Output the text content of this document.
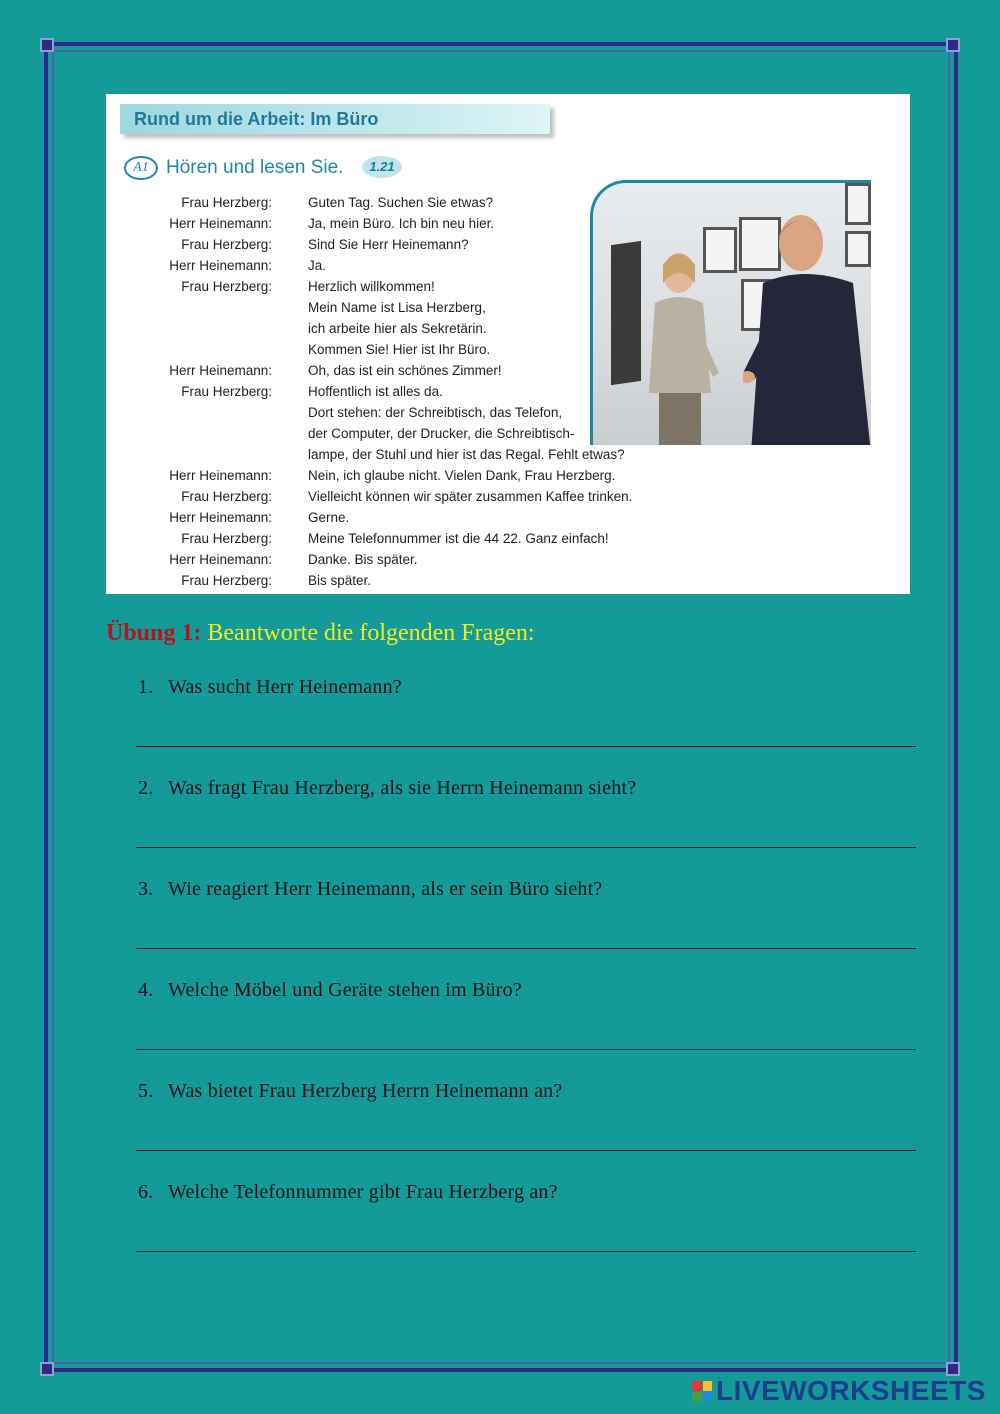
Rund um die Arbeit: Im Büro
A1 Hören und lesen Sie.	1.21
Frau Herzberg:	Guten Tag. Suchen Sie etwas?
Herr Heinemann:	Ja, mein Büro. Ich bin neu hier.
Frau Herzberg:	Sind Sie Herr Heinemann?
Herr Heinemann:	Ja.
Frau Herzberg:	Herzlich willkommen!
Mein Name ist Lisa Herzberg,
ich arbeite hier als Sekretärin.
Kommen Sie! Hier ist Ihr Büro.
Herr Heinemann:	Oh, das ist ein schönes Zimmer!
Frau Herzberg:	Hoffentlich ist alles da.
Dort stehen: der Schreibtisch, das Telefon,
der Computer, der Drucker, die Schreibtisch-
lampe, der Stuhl und hier ist das Regal. Fehlt etwas?
Herr Heinemann:	Nein, ich glaube nicht. Vielen Dank, Frau Herzberg.
Frau Herzberg:	Vielleicht können wir später zusammen Kaffee trinken.
Herr Heinemann:	Gerne.
Frau Herzberg:	Meine Telefonnummer ist die 44 22. Ganz einfach!
Herr Heinemann:	Danke. Bis später.
Frau Herzberg:	Bis später.
Übung 1: Beantworte die folgenden Fragen:
1. Was sucht Herr Heinemann?
2. Was fragt Frau Herzberg, als sie Herrn Heinemann sieht?
3. Wie reagiert Herr Heinemann, als er sein Büro sieht?
4. Welche Möbel und Geräte stehen im Büro?
5. Was bietet Frau Herzberg Herrn Heinemann an?
6. Welche Telefonnummer gibt Frau Herzberg an?
LIVEWORKSHEETS
